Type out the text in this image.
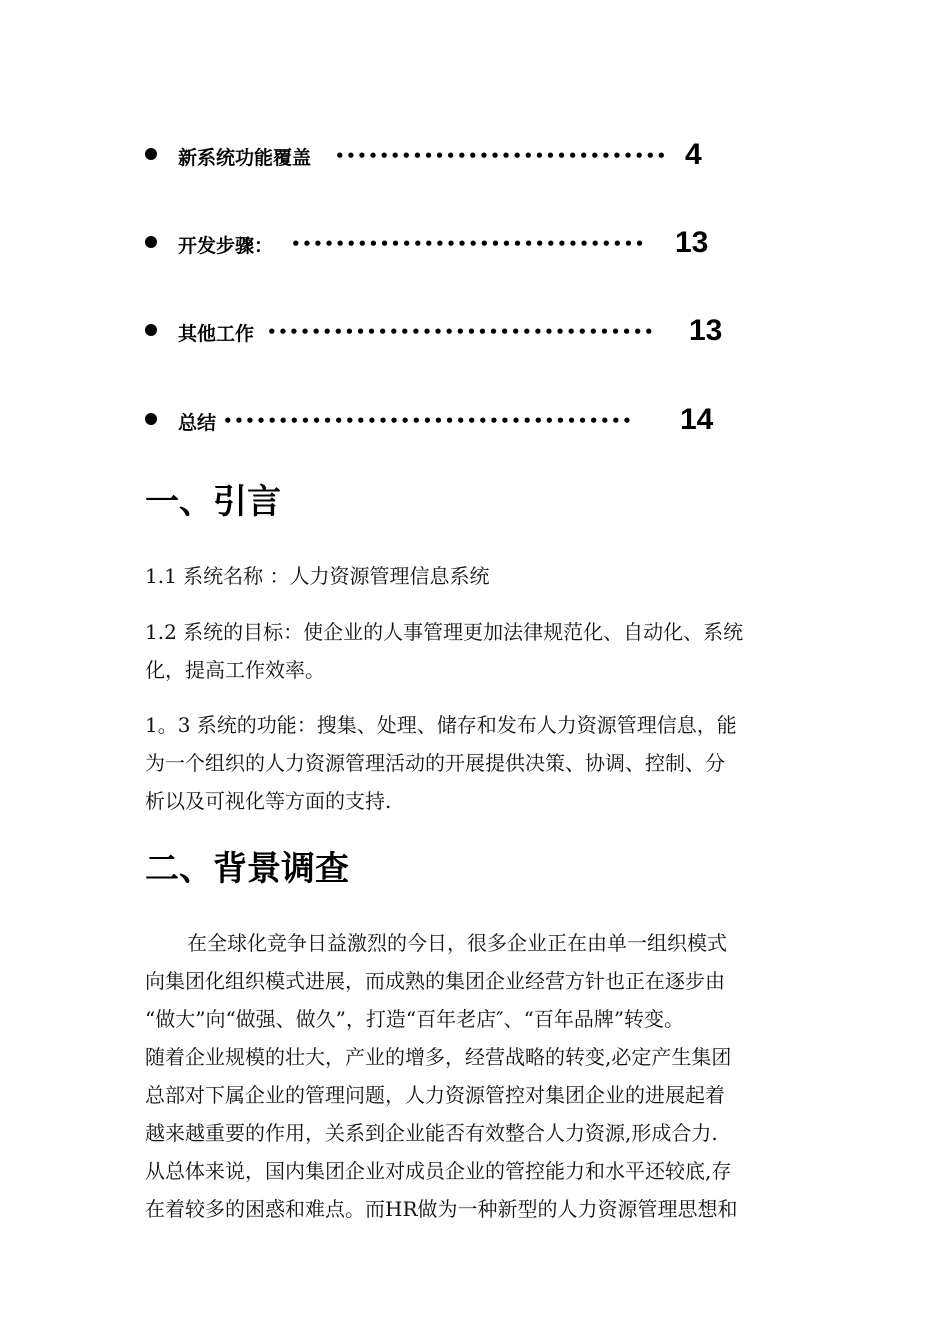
新系统功能覆盖 •••••••••••••••••••••••••••••• 4
开发步骤： •••••••••••••••••••••••••••••••• 13
其他工作 ••••••••••••••••••••••••••••••••••• 13
总结 ••••••••••••••••••••••••••••••••••••• 14
一、引言
1.1 系统名称 ：人力资源管理信息系统
1.2 系统的目标：使企业的人事管理更加法律规范化、自动化、系统
化，提高工作效率。
1。3 系统的功能：搜集、处理、储存和发布人力资源管理信息，能
为一个组织的人力资源管理活动的开展提供决策、协调、控制、分
析以及可视化等方面的支持.
二、背景调查
在全球化竞争日益激烈的今日，很多企业正在由单一组织模式
向集团化组织模式进展，而成熟的集团企业经营方针也正在逐步由
“做大”向“做强、做久”，打造“百年老店″、“百年品牌”转变。
随着企业规模的壮大，产业的增多，经营战略的转变,必定产生集团
总部对下属企业的管理问题，人力资源管控对集团企业的进展起着
越来越重要的作用，关系到企业能否有效整合人力资源,形成合力.
从总体来说，国内集团企业对成员企业的管控能力和水平还较底,存
在着较多的困惑和难点。而HR做为一种新型的人力资源管理思想和
